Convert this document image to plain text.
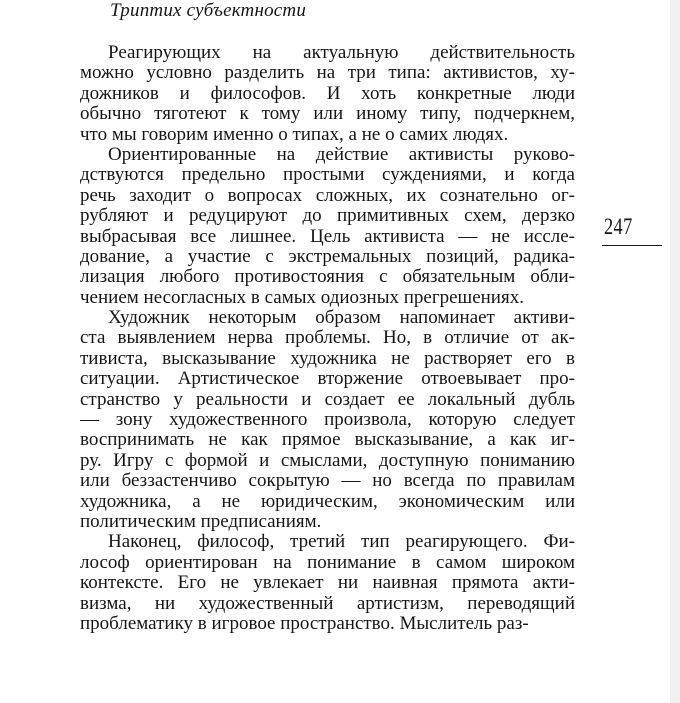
Триптих субъектности
Реагирующих на актуальную действительность
можно условно разделить на три типа: активистов, ху-
дожников и философов. И хоть конкретные люди
обычно тяготеют к тому или иному типу, подчеркнем,
что мы говорим именно о типах, а не о самих людях.
Ориентированные на действие активисты руково-
дствуются предельно простыми суждениями, и когда
речь заходит о вопросах сложных, их сознательно ог-
рубляют и редуцируют до примитивных схем, дерзко
выбрасывая все лишнее. Цель активиста — не иссле-
дование, а участие с экстремальных позиций, радика-
лизация любого противостояния с обязательным обли-
чением несогласных в самых одиозных прегрешениях.
Художник некоторым образом напоминает активи-
ста выявлением нерва проблемы. Но, в отличие от ак-
тивиста, высказывание художника не растворяет его в
ситуации. Артистическое вторжение отвоевывает про-
странство у реальности и создает ее локальный дубль
— зону художественного произвола, которую следует
воспринимать не как прямое высказывание, а как иг-
ру. Игру с формой и смыслами, доступную пониманию
или беззастенчиво сокрытую — но всегда по правилам
художника, а не юридическим, экономическим или
политическим предписаниям.
Наконец, философ, третий тип реагирующего. Фи-
лософ ориентирован на понимание в самом широком
контексте. Его не увлекает ни наивная прямота акти-
визма, ни художественный артистизм, переводящий
проблематику в игровое пространство. Мыслитель раз-
247
